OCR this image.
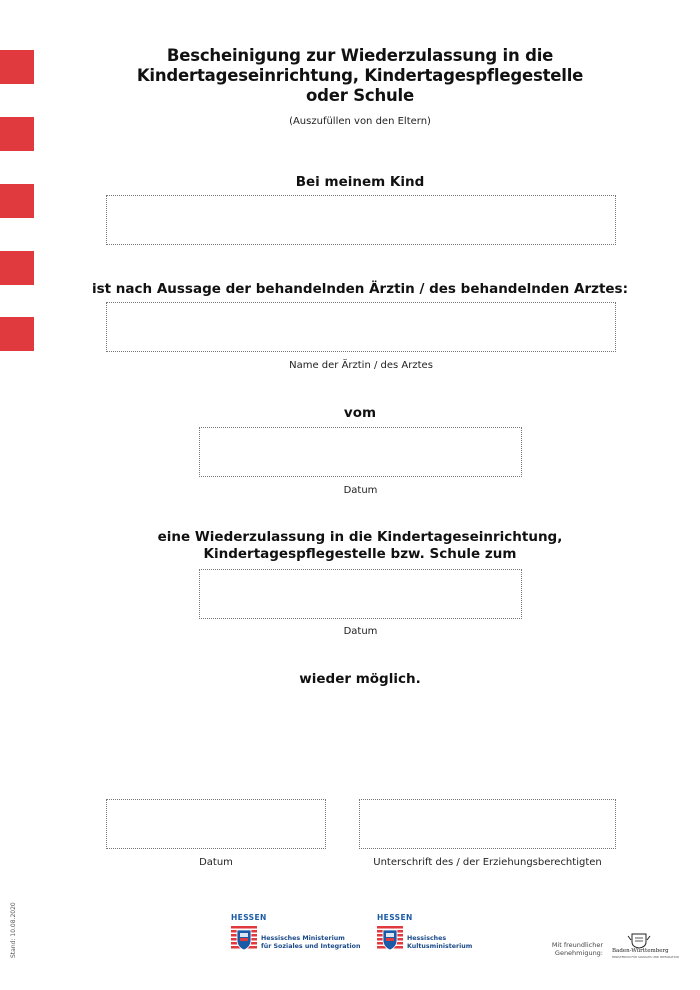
Bescheinigung zur Wiederzulassung in die
Kindertageseinrichtung, Kindertagespflegestelle
oder Schule
(Auszufüllen von den Eltern)
Bei meinem Kind
ist nach Aussage der behandelnden Ärztin / des behandelnden Arztes:
Name der Ärztin / des Arztes
vom
Datum
eine Wiederzulassung in die Kindertageseinrichtung,
Kindertagespflegestelle bzw. Schule zum
Datum
wieder möglich.
Datum	Unterschrift des / der Erziehungsberechtigten
Stand: 10.08.2020	HESSEN
Hessisches Ministerium
für Soziales und Integration
HESSEN
Hessisches
Kultusministerium	Mit freundlicher
Genehmigung: Baden-Württemberg
MINISTERIUM FÜR SOZIALES UND INTEGRATION
